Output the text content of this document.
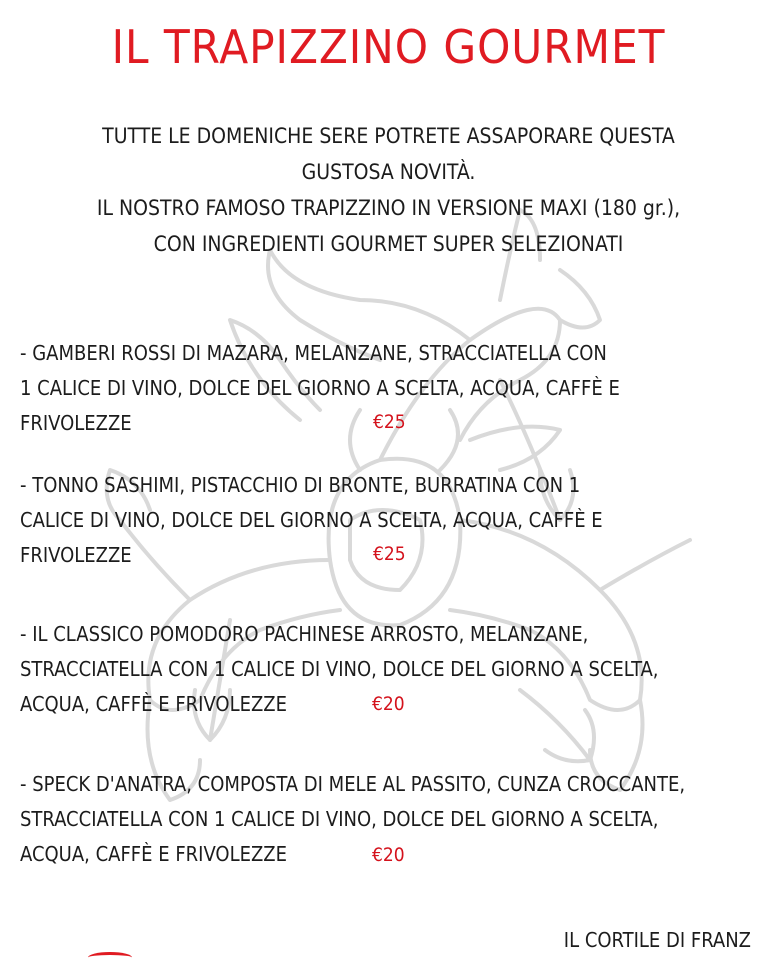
IL TRAPIZZINO GOURMET
TUTTE LE DOMENICHE SERE POTRETE ASSAPORARE QUESTA
GUSTOSA NOVITÀ.
IL NOSTRO FAMOSO TRAPIZZINO IN VERSIONE MAXI (180 gr.),
CON INGREDIENTI GOURMET SUPER SELEZIONATI
- GAMBERI ROSSI DI MAZARA, MELANZANE, STRACCIATELLA CON
1 CALICE DI VINO, DOLCE DEL GIORNO A SCELTA, ACQUA, CAFFÈ E
FRIVOLEZZE	€25
- TONNO SASHIMI, PISTACCHIO DI BRONTE, BURRATINA CON 1
CALICE DI VINO, DOLCE DEL GIORNO A SCELTA, ACQUA, CAFFÈ E
FRIVOLEZZE	€25
- IL CLASSICO POMODORO PACHINESE ARROSTO, MELANZANE,
STRACCIATELLA CON 1 CALICE DI VINO, DOLCE DEL GIORNO A SCELTA,
ACQUA, CAFFÈ E FRIVOLEZZE	€20
- SPECK D'ANATRA, COMPOSTA DI MELE AL PASSITO, CUNZA CROCCANTE,
STRACCIATELLA CON 1 CALICE DI VINO, DOLCE DEL GIORNO A SCELTA,
ACQUA, CAFFÈ E FRIVOLEZZE	€20
IL CORTILE DI FRANZ
